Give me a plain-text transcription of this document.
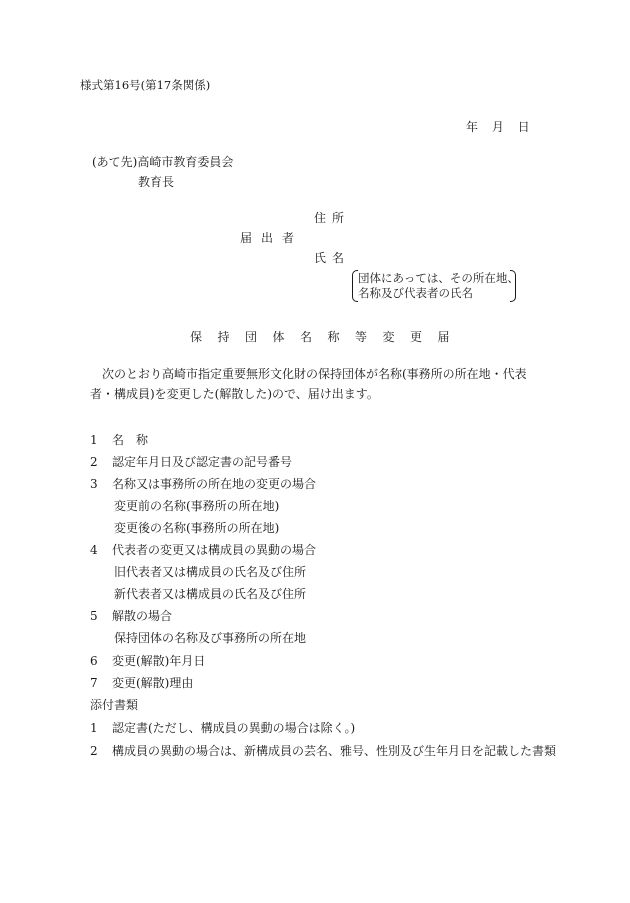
様式第16号(第17条関係)
年 月 日
(あて先)高崎市教育委員会
教育長
住所
届出者
氏名
団体にあっては、その所在地、
名称及び代表者の氏名
保持団体名称等変更届
次のとおり高崎市指定重要無形文化財の保持団体が名称(事務所の所在地・代表者・構成員)を変更した(解散した)ので、届け出ます。
1 名　称
2 認定年月日及び認定書の記号番号
3 名称又は事務所の所在地の変更の場合
変更前の名称(事務所の所在地)
変更後の名称(事務所の所在地)
4 代表者の変更又は構成員の異動の場合
旧代表者又は構成員の氏名及び住所
新代表者又は構成員の氏名及び住所
5 解散の場合
保持団体の名称及び事務所の所在地
6 変更(解散)年月日
7 変更(解散)理由
添付書類
1 認定書(ただし、構成員の異動の場合は除く。)
2 構成員の異動の場合は、新構成員の芸名、雅号、性別及び生年月日を記載した書類
